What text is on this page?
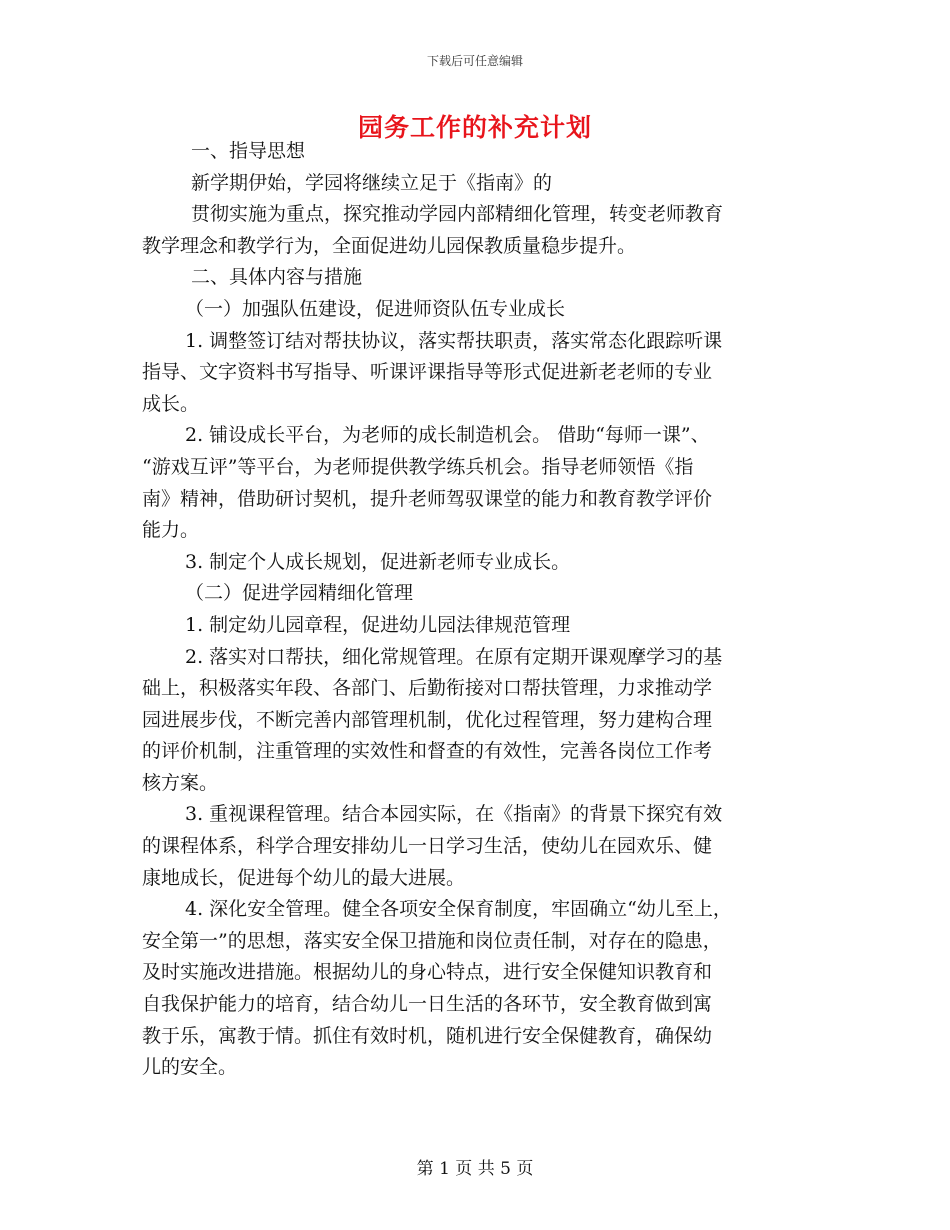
下载后可任意编辑
园务工作的补充计划
一、指导思想
新学期伊始，学园将继续立足于《指南》的
贯彻实施为重点，探究推动学园内部精细化管理，转变老师教育
教学理念和教学行为，全面促进幼儿园保教质量稳步提升。
二、具体内容与措施
（一）加强队伍建设，促进师资队伍专业成长
1. 调整签订结对帮扶协议，落实帮扶职责，落实常态化跟踪听课
指导、文字资料书写指导、听课评课指导等形式促进新老老师的专业
成长。
2. 铺设成长平台，为老师的成长制造机会。 借助“每师一课”、
“游戏互评”等平台，为老师提供教学练兵机会。指导老师领悟《指
南》精神，借助研讨契机，提升老师驾驭课堂的能力和教育教学评价
能力。
3. 制定个人成长规划，促进新老师专业成长。
（二）促进学园精细化管理
1. 制定幼儿园章程，促进幼儿园法律规范管理
2. 落实对口帮扶，细化常规管理。在原有定期开课观摩学习的基
础上，积极落实年段、各部门、后勤衔接对口帮扶管理，力求推动学
园进展步伐，不断完善内部管理机制，优化过程管理，努力建构合理
的评价机制，注重管理的实效性和督查的有效性，完善各岗位工作考
核方案。
3. 重视课程管理。结合本园实际，在《指南》的背景下探究有效
的课程体系，科学合理安排幼儿一日学习生活，使幼儿在园欢乐、健
康地成长，促进每个幼儿的最大进展。
4. 深化安全管理。健全各项安全保育制度，牢固确立“幼儿至上，
安全第一”的思想，落实安全保卫措施和岗位责任制，对存在的隐患，
及时实施改进措施。根据幼儿的身心特点，进行安全保健知识教育和
自我保护能力的培育，结合幼儿一日生活的各环节，安全教育做到寓
教于乐，寓教于情。抓住有效时机，随机进行安全保健教育，确保幼
儿的安全。
第 1 页 共 5 页
